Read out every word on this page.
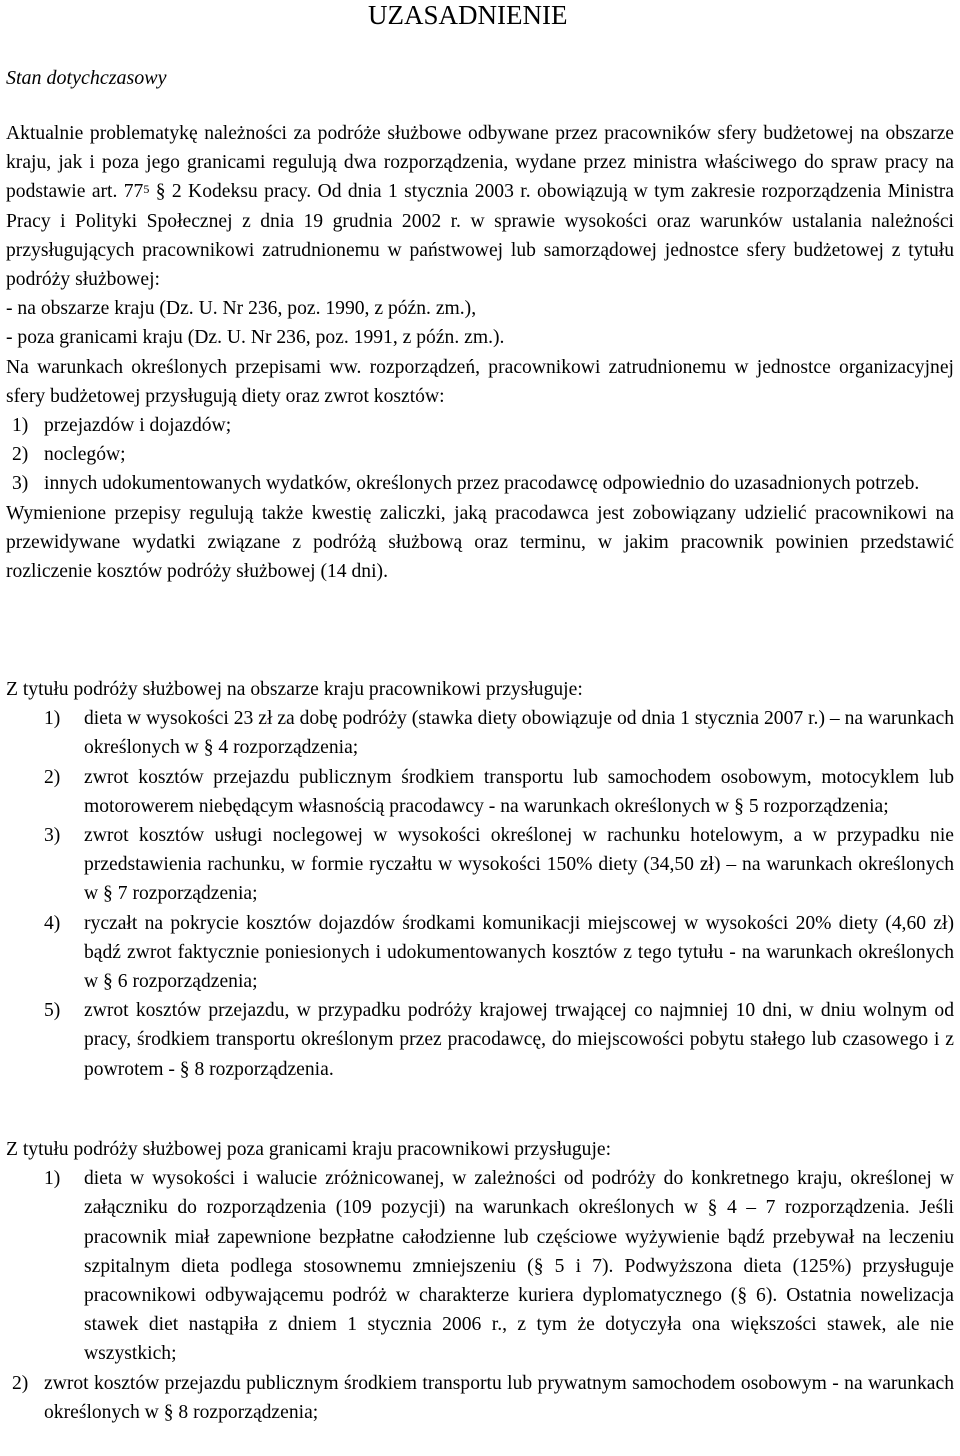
UZASADNIENIE
Stan dotychczasowy

Aktualnie problematykę należności za podróże służbowe odbywane przez pracowników sfery budżetowej na obszarze kraju, jak i poza jego granicami regulują dwa rozporządzenia, wydane przez ministra właściwego do spraw pracy na podstawie art. $77^5$ § 2 Kodeksu pracy. Od dnia 1 stycznia 2003 r. obowiązują w tym zakresie rozporządzenia Ministra Pracy i Polityki Społecznej z dnia 19 grudnia 2002 r. w sprawie wysokości oraz warunków ustalania należności przysługujących pracownikowi zatrudnionemu w państwowej lub samorządowej jednostce sfery budżetowej z tytułu podróży służbowej:

- na obszarze kraju (Dz. U. Nr 236, poz. 1990, z późn. zm.),
- poza granicami kraju (Dz. U. Nr 236, poz. 1991, z późn. zm.).

Na warunkach określonych przepisami ww. rozporządzeń, pracownikowi zatrudnionemu w jednostce organizacyjnej sfery budżetowej przysługują diety oraz zwrot kosztów:

1) przejazdów i dojazdów;
2) noclegów;
3) innych udokumentowanych wydatków, określonych przez pracodawcę odpowiednio do uzasadnionych potrzeb.

Wymienione przepisy regulują także kwestię zaliczki, jaką pracodawca jest zobowiązany udzielić pracownikowi na przewidywane wydatki związane z podróżą służbową oraz terminu, w jakim pracownik powinien przedstawić rozliczenie kosztów podróży służbowej (14 dni).

Z tytułu podróży służbowej na obszarze kraju pracownikowi przysługuje:

1) dieta w wysokości 23 zł za dobę podróży (stawka diety obowiązuje od dnia 1 stycznia 2007 r.) – na warunkach określonych w § 4 rozporządzenia;
2) zwrot kosztów przejazdu publicznym środkiem transportu lub samochodem osobowym, motocyklem lub motorowerem niebędącym własnością pracodawcy - na warunkach określonych w § 5 rozporządzenia;
3) zwrot kosztów usługi noclegowej w wysokości określonej w rachunku hotelowym, a w przypadku nie przedstawienia rachunku, w formie ryczałtu w wysokości 150% diety (34,50 zł) – na warunkach określonych w § 7 rozporządzenia;
4) ryczałt na pokrycie kosztów dojazdów środkami komunikacji miejscowej w wysokości 20% diety (4,60 zł) bądź zwrot faktycznie poniesionych i udokumentowanych kosztów z tego tytułu - na warunkach określonych w § 6 rozporządzenia;
5) zwrot kosztów przejazdu, w przypadku podróży krajowej trwającej co najmniej 10 dni, w dniu wolnym od pracy, środkiem transportu określonym przez pracodawcę, do miejscowości pobytu stałego lub czasowego i z powrotem - § 8 rozporządzenia.

Z tytułu podróży służbowej poza granicami kraju pracownikowi przysługuje:

1) dieta w wysokości i walucie zróżnicowanej, w zależności od podróży do konkretnego kraju, określonej w załączniku do rozporządzenia (109 pozycji) na warunkach określonych w § 4 – 7 rozporządzenia. Jeśli pracownik miał zapewnione bezpłatne całodzienne lub częściowe wyżywienie bądź przebywał na leczeniu szpitalnym dieta podlega stosownemu zmniejszeniu (§ 5 i 7). Podwyższona dieta (125%) przysługuje pracownikowi odbywającemu podróż w charakterze kuriera dyplomatycznego (§ 6). Ostatnia nowelizacja stawek diet nastąpiła z dniem 1 stycznia 2006 r., z tym że dotyczyła ona większości stawek, ale nie wszystkich;
2) zwrot kosztów przejazdu publicznym środkiem transportu lub prywatnym samochodem osobowym - na warunkach określonych w § 8 rozporządzenia;
